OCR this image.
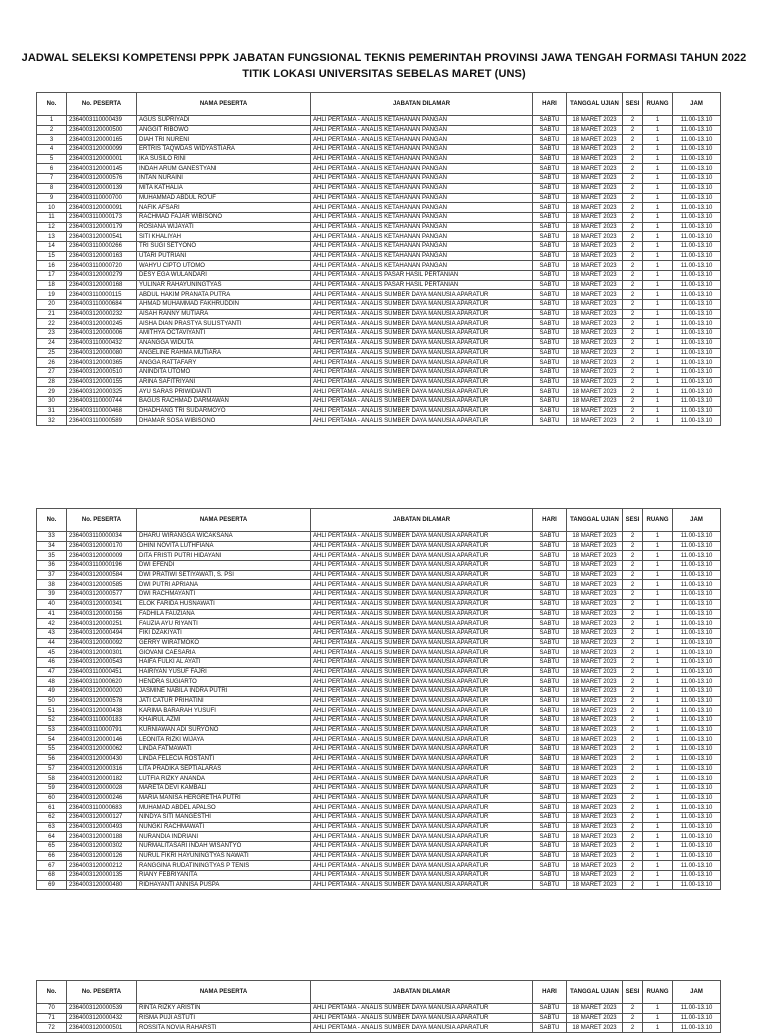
JADWAL SELEKSI KOMPETENSI PPPK JABATAN FUNGSIONAL TEKNIS PEMERINTAH PROVINSI JAWA TENGAH FORMASI TAHUN 2022
TITIK LOKASI UNIVERSITAS SEBELAS MARET (UNS)
No.	No. PESERTA	NAMA PESERTA	JABATAN DILAMAR	HARI	TANGGAL UJIAN	SESI	RUANG	JAM
1	2364003110000439	AGUS SUPRIYADI	AHLI PERTAMA - ANALIS KETAHANAN PANGAN	SABTU	18 MARET 2023	2	1	11.00-13.10
2	2364003120000500	ANGGIT RIBOWO	AHLI PERTAMA - ANALIS KETAHANAN PANGAN	SABTU	18 MARET 2023	2	1	11.00-13.10
3	2364003120000165	DIAH TRI NURENI	AHLI PERTAMA - ANALIS KETAHANAN PANGAN	SABTU	18 MARET 2023	2	1	11.00-13.10
4	2364003120000099	ERTRIS TAQWDAS WIDYASTIARA	AHLI PERTAMA - ANALIS KETAHANAN PANGAN	SABTU	18 MARET 2023	2	1	11.00-13.10
5	2364003120000001	IKA SUSILO RINI	AHLI PERTAMA - ANALIS KETAHANAN PANGAN	SABTU	18 MARET 2023	2	1	11.00-13.10
6	2364003120000145	INDAH ARUM GANESTYANI	AHLI PERTAMA - ANALIS KETAHANAN PANGAN	SABTU	18 MARET 2023	2	1	11.00-13.10
7	2364003120000576	INTAN NURAINI	AHLI PERTAMA - ANALIS KETAHANAN PANGAN	SABTU	18 MARET 2023	2	1	11.00-13.10
8	2364003120000139	MITA KATHALIA	AHLI PERTAMA - ANALIS KETAHANAN PANGAN	SABTU	18 MARET 2023	2	1	11.00-13.10
9	2364003110000700	MUHAMMAD ABDUL RO'UF	AHLI PERTAMA - ANALIS KETAHANAN PANGAN	SABTU	18 MARET 2023	2	1	11.00-13.10
10	2364003120000091	NAFIK AFSARI	AHLI PERTAMA - ANALIS KETAHANAN PANGAN	SABTU	18 MARET 2023	2	1	11.00-13.10
11	2364003110000173	RACHMAD FAJAR WIBISONO	AHLI PERTAMA - ANALIS KETAHANAN PANGAN	SABTU	18 MARET 2023	2	1	11.00-13.10
12	2364003120000179	ROSIANA WIJAYATI	AHLI PERTAMA - ANALIS KETAHANAN PANGAN	SABTU	18 MARET 2023	2	1	11.00-13.10
13	2364003120000541	SITI KHALIYAH	AHLI PERTAMA - ANALIS KETAHANAN PANGAN	SABTU	18 MARET 2023	2	1	11.00-13.10
14	2364003110000266	TRI SUGI SETYONO	AHLI PERTAMA - ANALIS KETAHANAN PANGAN	SABTU	18 MARET 2023	2	1	11.00-13.10
15	2364003120000163	UTARI PUTRIANI	AHLI PERTAMA - ANALIS KETAHANAN PANGAN	SABTU	18 MARET 2023	2	1	11.00-13.10
16	2364003110000720	WAHYU CIPTO UTOMO	AHLI PERTAMA - ANALIS KETAHANAN PANGAN	SABTU	18 MARET 2023	2	1	11.00-13.10
17	2364003120000279	DESY EGA WULANDARI	AHLI PERTAMA - ANALIS PASAR HASIL PERTANIAN	SABTU	18 MARET 2023	2	1	11.00-13.10
18	2364003120000168	YULINAR RAHAYUNINGTYAS	AHLI PERTAMA - ANALIS PASAR HASIL PERTANIAN	SABTU	18 MARET 2023	2	1	11.00-13.10
19	2364003110000115	ABDUL HAKIM PRANATA PUTRA	AHLI PERTAMA - ANALIS SUMBER DAYA MANUSIA APARATUR	SABTU	18 MARET 2023	2	1	11.00-13.10
20	2364003110000684	AHMAD MUHAMMAD FAKHRUDDIN	AHLI PERTAMA - ANALIS SUMBER DAYA MANUSIA APARATUR	SABTU	18 MARET 2023	2	1	11.00-13.10
21	2364003120000232	AISAH RANNY MUTIARA	AHLI PERTAMA - ANALIS SUMBER DAYA MANUSIA APARATUR	SABTU	18 MARET 2023	2	1	11.00-13.10
22	2364003120000245	AISHA DIAN PRASTYA SULISTYANTI	AHLI PERTAMA - ANALIS SUMBER DAYA MANUSIA APARATUR	SABTU	18 MARET 2023	2	1	11.00-13.10
23	2364003120000006	AMITHYA OCTAVIYANTI	AHLI PERTAMA - ANALIS SUMBER DAYA MANUSIA APARATUR	SABTU	18 MARET 2023	2	1	11.00-13.10
24	2364003110000432	ANANGGA WIDUTA	AHLI PERTAMA - ANALIS SUMBER DAYA MANUSIA APARATUR	SABTU	18 MARET 2023	2	1	11.00-13.10
25	2364003120000080	ANGELINE RAHMA MUTIARA	AHLI PERTAMA - ANALIS SUMBER DAYA MANUSIA APARATUR	SABTU	18 MARET 2023	2	1	11.00-13.10
26	2364003120000365	ANGGA RATTAFARY	AHLI PERTAMA - ANALIS SUMBER DAYA MANUSIA APARATUR	SABTU	18 MARET 2023	2	1	11.00-13.10
27	2364003120000510	ANINDITA UTOMO	AHLI PERTAMA - ANALIS SUMBER DAYA MANUSIA APARATUR	SABTU	18 MARET 2023	2	1	11.00-13.10
28	2364003120000155	ARINA SAFITRIYANI	AHLI PERTAMA - ANALIS SUMBER DAYA MANUSIA APARATUR	SABTU	18 MARET 2023	2	1	11.00-13.10
29	2364003120000325	AYU SARAS PRIWIDIANTI	AHLI PERTAMA - ANALIS SUMBER DAYA MANUSIA APARATUR	SABTU	18 MARET 2023	2	1	11.00-13.10
30	2364003110000744	BAGUS RACHMAD DARMAWAN	AHLI PERTAMA - ANALIS SUMBER DAYA MANUSIA APARATUR	SABTU	18 MARET 2023	2	1	11.00-13.10
31	2364003110000468	DHADHANG TRI SUDARMOYO	AHLI PERTAMA - ANALIS SUMBER DAYA MANUSIA APARATUR	SABTU	18 MARET 2023	2	1	11.00-13.10
32	2364003110000589	DHAMAR SOSA WIBISONO	AHLI PERTAMA - ANALIS SUMBER DAYA MANUSIA APARATUR	SABTU	18 MARET 2023	2	1	11.00-13.10
No.	No. PESERTA	NAMA PESERTA	JABATAN DILAMAR	HARI	TANGGAL UJIAN	SESI	RUANG	JAM
33	2364003110000034	DHARU WIRANGGA WICAKSANA	AHLI PERTAMA - ANALIS SUMBER DAYA MANUSIA APARATUR	SABTU	18 MARET 2023	2	1	11.00-13.10
34	2364003120000170	DHINI NOVITA LUTHFIANA	AHLI PERTAMA - ANALIS SUMBER DAYA MANUSIA APARATUR	SABTU	18 MARET 2023	2	1	11.00-13.10
35	2364003120000009	DITA FRISTI PUTRI HIDAYANI	AHLI PERTAMA - ANALIS SUMBER DAYA MANUSIA APARATUR	SABTU	18 MARET 2023	2	1	11.00-13.10
36	2364003110000196	DWI EFENDI	AHLI PERTAMA - ANALIS SUMBER DAYA MANUSIA APARATUR	SABTU	18 MARET 2023	2	1	11.00-13.10
37	2364003120000584	DWI PRATIWI SETIYAWATI, S. PSI	AHLI PERTAMA - ANALIS SUMBER DAYA MANUSIA APARATUR	SABTU	18 MARET 2023	2	1	11.00-13.10
38	2364003120000585	DWI PUTRI APRIANA	AHLI PERTAMA - ANALIS SUMBER DAYA MANUSIA APARATUR	SABTU	18 MARET 2023	2	1	11.00-13.10
39	2364003120000577	DWI RACHMAYANTI	AHLI PERTAMA - ANALIS SUMBER DAYA MANUSIA APARATUR	SABTU	18 MARET 2023	2	1	11.00-13.10
40	2364003120000341	ELOK FARIDA HUSNAWATI	AHLI PERTAMA - ANALIS SUMBER DAYA MANUSIA APARATUR	SABTU	18 MARET 2023	2	1	11.00-13.10
41	2364003120000156	FADHILA FAUZIANA	AHLI PERTAMA - ANALIS SUMBER DAYA MANUSIA APARATUR	SABTU	18 MARET 2023	2	1	11.00-13.10
42	2364003120000251	FAUZIA AYU RIYANTI	AHLI PERTAMA - ANALIS SUMBER DAYA MANUSIA APARATUR	SABTU	18 MARET 2023	2	1	11.00-13.10
43	2364003120000494	FIKI DZAKIYATI	AHLI PERTAMA - ANALIS SUMBER DAYA MANUSIA APARATUR	SABTU	18 MARET 2023	2	1	11.00-13.10
44	2364003120000092	GERRY WIRATMOKO	AHLI PERTAMA - ANALIS SUMBER DAYA MANUSIA APARATUR	SABTU	18 MARET 2023	2	1	11.00-13.10
45	2364003120000301	GIOVANI CAESARIA	AHLI PERTAMA - ANALIS SUMBER DAYA MANUSIA APARATUR	SABTU	18 MARET 2023	2	1	11.00-13.10
46	2364003120000543	HAIFA FULKI AL AYATI	AHLI PERTAMA - ANALIS SUMBER DAYA MANUSIA APARATUR	SABTU	18 MARET 2023	2	1	11.00-13.10
47	2364003110000451	HAIRIYAN YUSUF FAJRI	AHLI PERTAMA - ANALIS SUMBER DAYA MANUSIA APARATUR	SABTU	18 MARET 2023	2	1	11.00-13.10
48	2364003110000620	HENDRA SUGIARTO	AHLI PERTAMA - ANALIS SUMBER DAYA MANUSIA APARATUR	SABTU	18 MARET 2023	2	1	11.00-13.10
49	2364003120000020	JASMINE NABILA INDRA PUTRI	AHLI PERTAMA - ANALIS SUMBER DAYA MANUSIA APARATUR	SABTU	18 MARET 2023	2	1	11.00-13.10
50	2364003120000578	JATI CATUR PRIHATINI	AHLI PERTAMA - ANALIS SUMBER DAYA MANUSIA APARATUR	SABTU	18 MARET 2023	2	1	11.00-13.10
51	2364003120000438	KARIMA BARARAH YUSUFI	AHLI PERTAMA - ANALIS SUMBER DAYA MANUSIA APARATUR	SABTU	18 MARET 2023	2	1	11.00-13.10
52	2364003110000183	KHAIRUL AZMI	AHLI PERTAMA - ANALIS SUMBER DAYA MANUSIA APARATUR	SABTU	18 MARET 2023	2	1	11.00-13.10
53	2364003110000791	KURNIAWAN ADI SURYONO	AHLI PERTAMA - ANALIS SUMBER DAYA MANUSIA APARATUR	SABTU	18 MARET 2023	2	1	11.00-13.10
54	2364003120000146	LEONITA RIZKI WIJAYA	AHLI PERTAMA - ANALIS SUMBER DAYA MANUSIA APARATUR	SABTU	18 MARET 2023	2	1	11.00-13.10
55	2364003120000062	LINDA FATMAWATI	AHLI PERTAMA - ANALIS SUMBER DAYA MANUSIA APARATUR	SABTU	18 MARET 2023	2	1	11.00-13.10
56	2364003120000430	LINDA FELECIA ROSTANTI	AHLI PERTAMA - ANALIS SUMBER DAYA MANUSIA APARATUR	SABTU	18 MARET 2023	2	1	11.00-13.10
57	2364003120000316	LITA PRADIKA SEPTIALARAS	AHLI PERTAMA - ANALIS SUMBER DAYA MANUSIA APARATUR	SABTU	18 MARET 2023	2	1	11.00-13.10
58	2364003120000182	LUTFIA RIZKY ANANDA	AHLI PERTAMA - ANALIS SUMBER DAYA MANUSIA APARATUR	SABTU	18 MARET 2023	2	1	11.00-13.10
59	2364003120000028	MARETA DEVI KAMBALI	AHLI PERTAMA - ANALIS SUMBER DAYA MANUSIA APARATUR	SABTU	18 MARET 2023	2	1	11.00-13.10
60	2364003120000246	MARIA MANISA HERGRETHA PUTRI	AHLI PERTAMA - ANALIS SUMBER DAYA MANUSIA APARATUR	SABTU	18 MARET 2023	2	1	11.00-13.10
61	2364003110000683	MUHAMAD ABDEL APALSO	AHLI PERTAMA - ANALIS SUMBER DAYA MANUSIA APARATUR	SABTU	18 MARET 2023	2	1	11.00-13.10
62	2364003120000127	NINDYA SITI MANGESTHI	AHLI PERTAMA - ANALIS SUMBER DAYA MANUSIA APARATUR	SABTU	18 MARET 2023	2	1	11.00-13.10
63	2364003120000493	NUNGKI RACHMAWATI	AHLI PERTAMA - ANALIS SUMBER DAYA MANUSIA APARATUR	SABTU	18 MARET 2023	2	1	11.00-13.10
64	2364003120000188	NURANDIA INDRIANI	AHLI PERTAMA - ANALIS SUMBER DAYA MANUSIA APARATUR	SABTU	18 MARET 2023	2	1	11.00-13.10
65	2364003120000302	NURMALITASARI INDAH WISANTYO	AHLI PERTAMA - ANALIS SUMBER DAYA MANUSIA APARATUR	SABTU	18 MARET 2023	2	1	11.00-13.10
66	2364003120000126	NURUL FIKRI HAYUNINGTYAS NAWATI	AHLI PERTAMA - ANALIS SUMBER DAYA MANUSIA APARATUR	SABTU	18 MARET 2023	2	1	11.00-13.10
67	2364003120000212	RANGGINA RUDATININGTYAS P TENIS	AHLI PERTAMA - ANALIS SUMBER DAYA MANUSIA APARATUR	SABTU	18 MARET 2023	2	1	11.00-13.10
68	2364003120000135	RIANY FEBRIYANITA	AHLI PERTAMA - ANALIS SUMBER DAYA MANUSIA APARATUR	SABTU	18 MARET 2023	2	1	11.00-13.10
69	2364003120000480	RIDHAYANTI ANNISA PUSPA	AHLI PERTAMA - ANALIS SUMBER DAYA MANUSIA APARATUR	SABTU	18 MARET 2023	2	1	11.00-13.10
No.	No. PESERTA	NAMA PESERTA	JABATAN DILAMAR	HARI	TANGGAL UJIAN	SESI	RUANG	JAM
70	2364003120000539	RINTA RIZKY ARISTIN	AHLI PERTAMA - ANALIS SUMBER DAYA MANUSIA APARATUR	SABTU	18 MARET 2023	2	1	11.00-13.10
71	2364003120000432	RISMA PUJI ASTUTI	AHLI PERTAMA - ANALIS SUMBER DAYA MANUSIA APARATUR	SABTU	18 MARET 2023	2	1	11.00-13.10
72	2364003120000501	ROSSITA NOVIA RAHARSTI	AHLI PERTAMA - ANALIS SUMBER DAYA MANUSIA APARATUR	SABTU	18 MARET 2023	2	1	11.00-13.10
